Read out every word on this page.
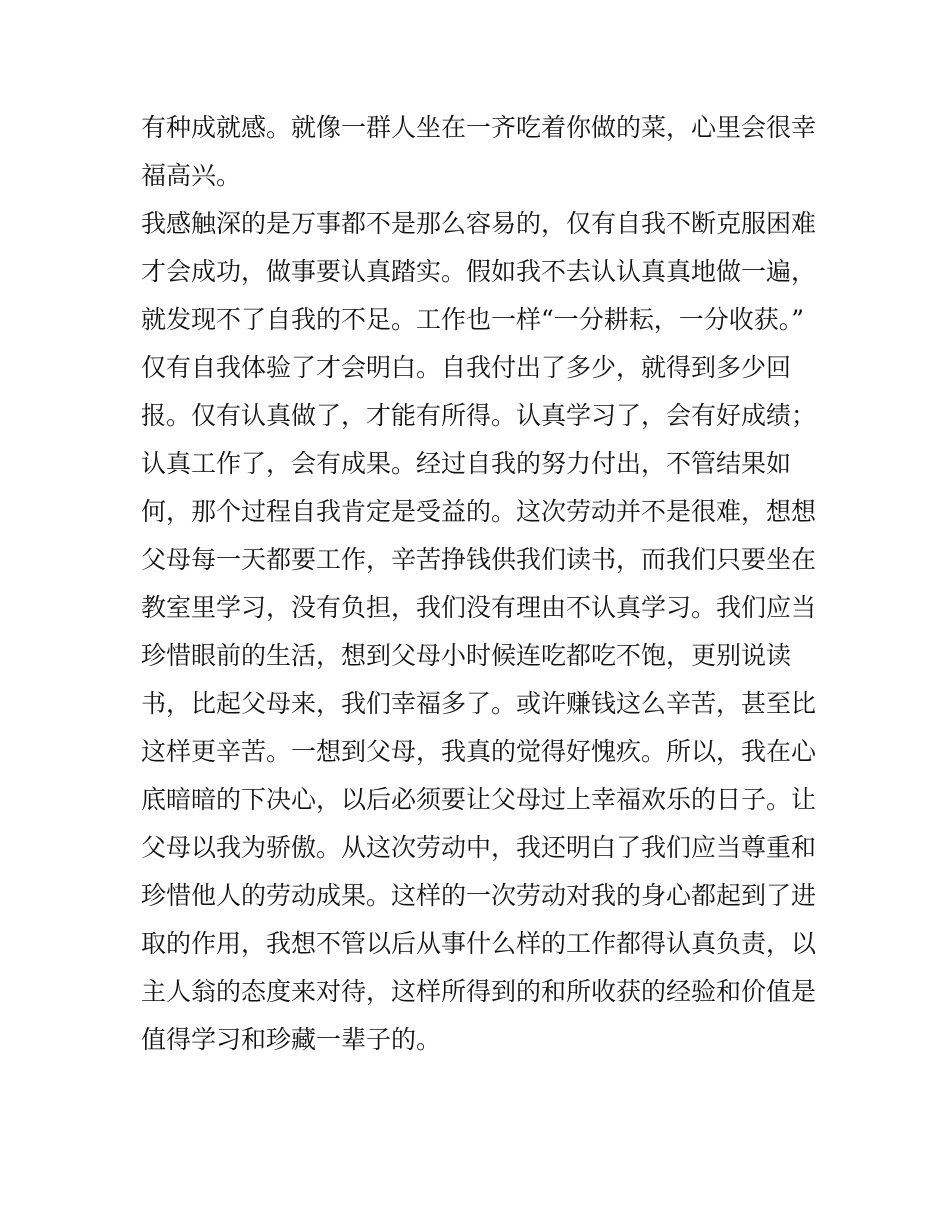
有种成就感。就像一群人坐在一齐吃着你做的菜，心里会很幸
福高兴。
我感触深的是万事都不是那么容易的，仅有自我不断克服困难
才会成功，做事要认真踏实。假如我不去认认真真地做一遍，
就发现不了自我的不足。工作也一样“一分耕耘，一分收获。”
仅有自我体验了才会明白。自我付出了多少，就得到多少回
报。仅有认真做了，才能有所得。认真学习了，会有好成绩；
认真工作了，会有成果。经过自我的努力付出，不管结果如
何，那个过程自我肯定是受益的。这次劳动并不是很难，想想
父母每一天都要工作，辛苦挣钱供我们读书，而我们只要坐在
教室里学习，没有负担，我们没有理由不认真学习。我们应当
珍惜眼前的生活，想到父母小时候连吃都吃不饱，更别说读
书，比起父母来，我们幸福多了。或许赚钱这么辛苦，甚至比
这样更辛苦。一想到父母，我真的觉得好愧疚。所以，我在心
底暗暗的下决心，以后必须要让父母过上幸福欢乐的日子。让
父母以我为骄傲。从这次劳动中，我还明白了我们应当尊重和
珍惜他人的劳动成果。这样的一次劳动对我的身心都起到了进
取的作用，我想不管以后从事什么样的工作都得认真负责，以
主人翁的态度来对待，这样所得到的和所收获的经验和价值是
值得学习和珍藏一辈子的。
